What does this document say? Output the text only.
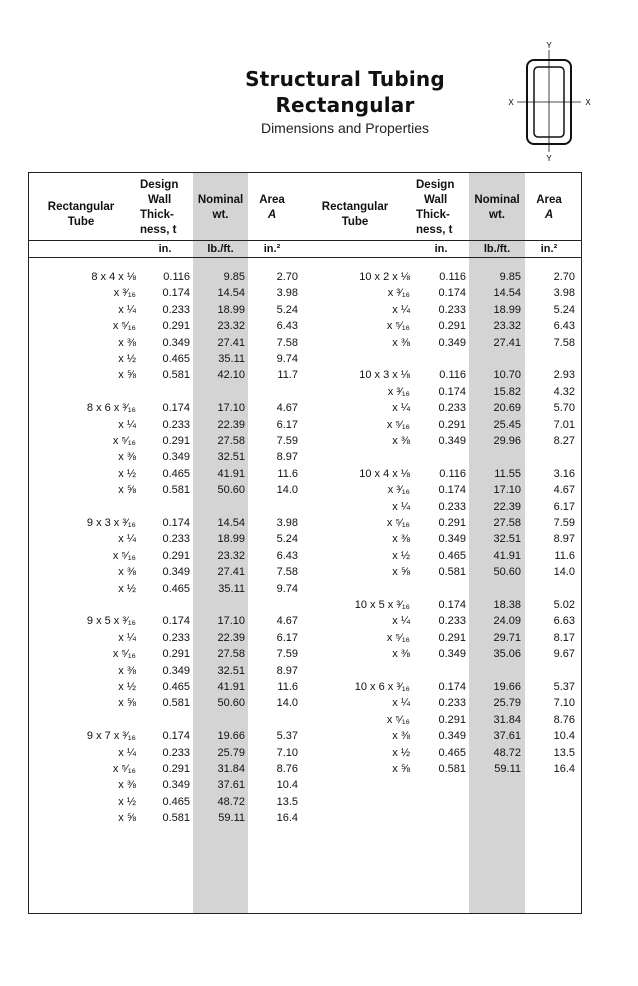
Structural Tubing
Rectangular
Dimensions and Properties
Y
Y
X	X
Rectangular Tube
Design
Wall
Thick-
ness, t
Nominal
wt.
Area
A
in.	lb./ft.	in.²
Rectangular Tube
Design
Wall
Thick-
ness, t
Nominal
wt.
Area
A
in.	lb./ft.	in.²
8 x 4 x ⅛	0.116	9.85	2.70
x ³⁄₁₆	0.174	14.54	3.98
x ¼	0.233	18.99	5.24
x ⁵⁄₁₆	0.291	23.32	6.43
x ⅜	0.349	27.41	7.58
x ½	0.465	35.11	9.74
x ⅝	0.581	42.10	11.7
8 x 6 x ³⁄₁₆	0.174	17.10	4.67
x ¼	0.233	22.39	6.17
x ⁵⁄₁₆	0.291	27.58	7.59
x ⅜	0.349	32.51	8.97
x ½	0.465	41.91	11.6
x ⅝	0.581	50.60	14.0
9 x 3 x ³⁄₁₆	0.174	14.54	3.98
x ¼	0.233	18.99	5.24
x ⁵⁄₁₆	0.291	23.32	6.43
x ⅜	0.349	27.41	7.58
x ½	0.465	35.11	9.74
9 x 5 x ³⁄₁₆	0.174	17.10	4.67
x ¼	0.233	22.39	6.17
x ⁵⁄₁₆	0.291	27.58	7.59
x ⅜	0.349	32.51	8.97
x ½	0.465	41.91	11.6
x ⅝	0.581	50.60	14.0
9 x 7 x ³⁄₁₆	0.174	19.66	5.37
x ¼	0.233	25.79	7.10
x ⁵⁄₁₆	0.291	31.84	8.76
x ⅜	0.349	37.61	10.4
x ½	0.465	48.72	13.5
x ⅝	0.581	59.11	16.4
10 x 2 x ⅛	0.116	9.85	2.70
x ³⁄₁₆	0.174	14.54	3.98
x ¼	0.233	18.99	5.24
x ⁵⁄₁₆	0.291	23.32	6.43
x ⅜	0.349	27.41	7.58
10 x 3 x ⅛	0.116	10.70	2.93
x ³⁄₁₆	0.174	15.82	4.32
x ¼	0.233	20.69	5.70
x ⁵⁄₁₆	0.291	25.45	7.01
x ⅜	0.349	29.96	8.27
10 x 4 x ⅛	0.116	11.55	3.16
x ³⁄₁₆	0.174	17.10	4.67
x ¼	0.233	22.39	6.17
x ⁵⁄₁₆	0.291	27.58	7.59
x ⅜	0.349	32.51	8.97
x ½	0.465	41.91	11.6
x ⅝	0.581	50.60	14.0
10 x 5 x ³⁄₁₆	0.174	18.38	5.02
x ¼	0.233	24.09	6.63
x ⁵⁄₁₆	0.291	29.71	8.17
x ⅜	0.349	35.06	9.67
10 x 6 x ³⁄₁₆	0.174	19.66	5.37
x ¼	0.233	25.79	7.10
x ⁵⁄₁₆	0.291	31.84	8.76
x ⅜	0.349	37.61	10.4
x ½	0.465	48.72	13.5
x ⅝	0.581	59.11	16.4
